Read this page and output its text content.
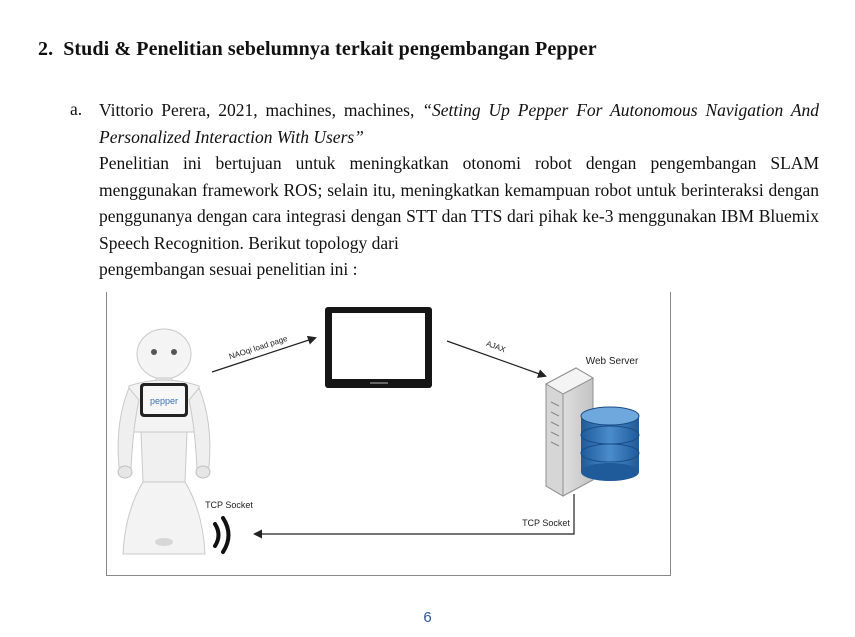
2. Studi & Penelitian sebelumnya terkait pengembangan Pepper
a. Vittorio Perera, 2021, machines, machines, “Setting Up Pepper For Autonomous Navigation And Personalized Interaction With Users”
Penelitian ini bertujuan untuk meningkatkan otonomi robot dengan pengembangan SLAM menggunakan framework ROS; selain itu, meningkatkan kemampuan robot untuk berinteraksi dengan penggunanya dengan cara integrasi dengan STT dan TTS dari pihak ke-3 menggunakan IBM Bluemix Speech Recognition. Berikut topology dari
pengembangan sesuai penelitian ini :
pepper
NAOqi load page	AJAX
Web Server
TCP Socket
TCP Socket
6
